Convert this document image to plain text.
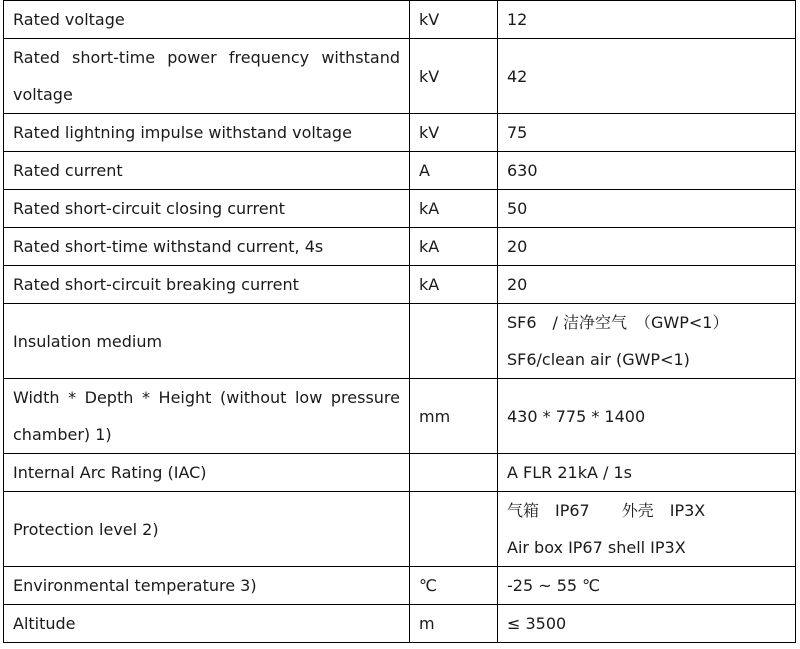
Rated voltage	kV	12
Rated short-time power frequency withstand voltage	kV	42
Rated lightning impulse withstand voltage	kV	75
Rated current	A	630
Rated short-circuit closing current	kA	50
Rated short-time withstand current, 4s	kA	20
Rated short-circuit breaking current	kA	20
Insulation medium		SF6　/ 洁净空气　（GWP<1）
SF6/clean air (GWP<1)

Width * Depth * Height (without low pressure chamber) 1)	mm	430 * 775 * 1400
Internal Arc Rating (IAC)		A FLR 21kA / 1s
Protection level 2)		气箱　IP67　　外壳　IP3X
Air box IP67 shell IP3X

Environmental temperature 3)	℃	-25 ~ 55 ℃
Altitude	m	≤ 3500
